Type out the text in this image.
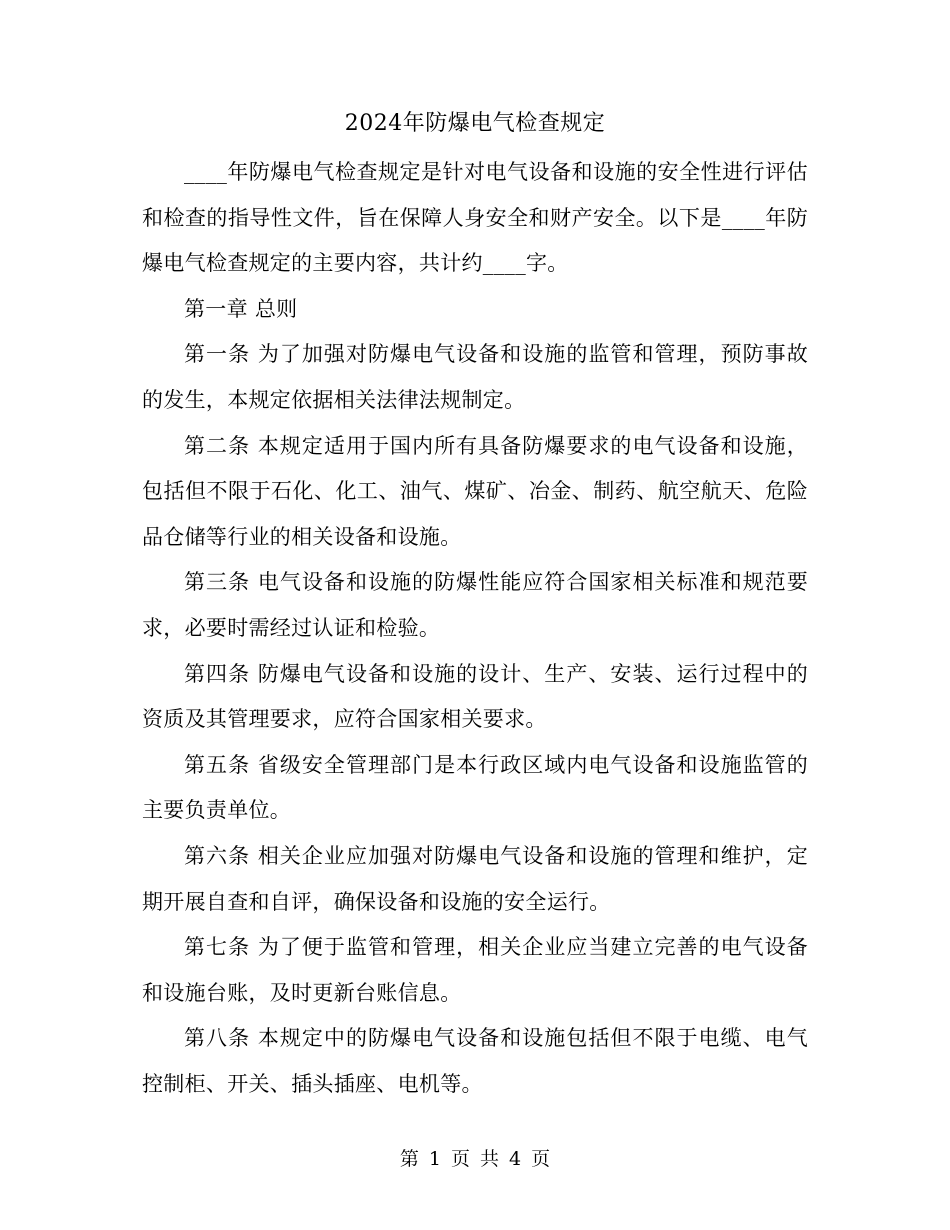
2024年防爆电气检查规定

____年防爆电气检查规定是针对电气设备和设施的安全性进行评估和检查的指导性文件，旨在保障人身安全和财产安全。以下是____年防爆电气检查规定的主要内容，共计约____字。

第一章 总则

第一条 为了加强对防爆电气设备和设施的监管和管理，预防事故的发生，本规定依据相关法律法规制定。

第二条 本规定适用于国内所有具备防爆要求的电气设备和设施，包括但不限于石化、化工、油气、煤矿、冶金、制药、航空航天、危险品仓储等行业的相关设备和设施。

第三条 电气设备和设施的防爆性能应符合国家相关标准和规范要求，必要时需经过认证和检验。

第四条 防爆电气设备和设施的设计、生产、安装、运行过程中的资质及其管理要求，应符合国家相关要求。

第五条 省级安全管理部门是本行政区域内电气设备和设施监管的主要负责单位。

第六条 相关企业应加强对防爆电气设备和设施的管理和维护，定期开展自查和自评，确保设备和设施的安全运行。

第七条 为了便于监管和管理，相关企业应当建立完善的电气设备和设施台账，及时更新台账信息。

第八条 本规定中的防爆电气设备和设施包括但不限于电缆、电气控制柜、开关、插头插座、电机等。

第 1 页 共 4 页
